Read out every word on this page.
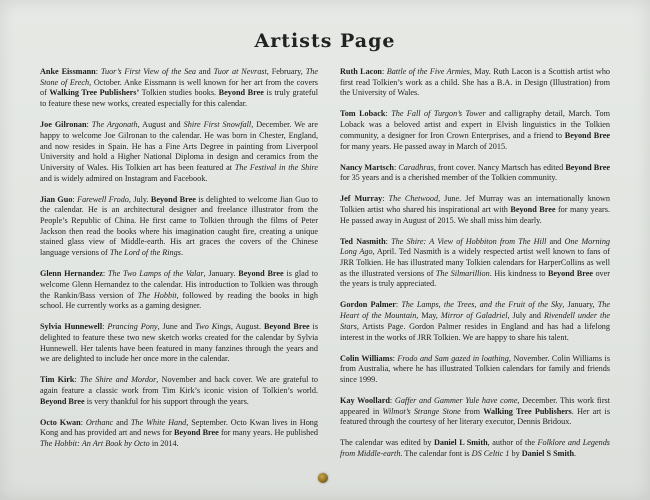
Artists Page

Anke Eissmann: Tuor’s First View of the Sea and Tuor at Nevrast, February, The Stone of Erech, October. Anke Eissmann is well known for her art from the covers of Walking Tree Publishers’ Tolkien studies books. Beyond Bree is truly grateful to feature these new works, created especially for this calendar.

Joe Gilronan: The Argonath, August and Shire First Snowfall, December. We are happy to welcome Joe Gilronan to the calendar. He was born in Chester, England, and now resides in Spain. He has a Fine Arts Degree in painting from Liverpool University and hold a Higher National Diploma in design and ceramics from the University of Wales. His Tolkien art has been featured at The Festival in the Shire and is widely admired on Instagram and Facebook.

Jian Guo: Farewell Frodo, July. Beyond Bree is delighted to welcome Jian Guo to the calendar. He is an architectural designer and freelance illustrator from the People’s Republic of China. He first came to Tolkien through the films of Peter Jackson then read the books where his imagination caught fire, creating a unique stained glass view of Middle-earth. His art graces the covers of the Chinese language versions of The Lord of the Rings.

Glenn Hernandez: The Two Lamps of the Valar, January. Beyond Bree is glad to welcome Glenn Hernandez to the calendar. His introduction to Tolkien was through the Rankin/Bass version of The Hobbit, followed by reading the books in high school. He currently works as a gaming designer.

Sylvia Hunnewell: Prancing Pony, June and Two Kings, August. Beyond Bree is delighted to feature these two new sketch works created for the calendar by Sylvia Hunnewell. Her talents have been featured in many fanzines through the years and we are delighted to include her once more in the calendar.

Tim Kirk: The Shire and Mordor, November and back cover. We are grateful to again feature a classic work from Tim Kirk’s iconic vision of Tolkien’s world. Beyond Bree is very thankful for his support through the years.

Octo Kwan: Orthanc and The White Hand, September. Octo Kwan lives in Hong Kong and has provided art and news for Beyond Bree for many years. He published The Hobbit: An Art Book by Octo in 2014.

Ruth Lacon: Battle of the Five Armies, May. Ruth Lacon is a Scottish artist who first read Tolkien’s work as a child. She has a B.A. in Design (Illustration) from the University of Wales.

Tom Loback: The Fall of Turgon’s Tower and calligraphy detail, March. Tom Loback was a beloved artist and expert in Elvish linguistics in the Tolkien community, a designer for Iron Crown Enterprises, and a friend to Beyond Bree for many years. He passed away in March of 2015.

Nancy Martsch: Caradhras, front cover. Nancy Martsch has edited Beyond Bree for 35 years and is a cherished member of the Tolkien community.

Jef Murray: The Chetwood, June. Jef Murray was an internationally known Tolkien artist who shared his inspirational art with Beyond Bree for many years. He passed away in August of 2015. We shall miss him dearly.

Ted Nasmith: The Shire: A View of Hobbiton from The Hill and One Morning Long Ago, April. Ted Nasmith is a widely respected artist well known to fans of JRR Tolkien. He has illustrated many Tolkien calendars for HarperCollins as well as the illustrated versions of The Silmarillion. His kindness to Beyond Bree over the years is truly appreciated.

Gordon Palmer: The Lamps, the Trees, and the Fruit of the Sky, January, The Heart of the Mountain, May, Mirror of Galadriel, July and Rivendell under the Stars, Artists Page. Gordon Palmer resides in England and has had a lifelong interest in the works of JRR Tolkien. We are happy to share his talent.

Colin Williams: Frodo and Sam gazed in loathing, November. Colin Williams is from Australia, where he has illustrated Tolkien calendars for family and friends since 1999.

Kay Woollard: Gaffer and Gammer Yule have come, December. This work first appeared in Wilmot’s Strange Stone from Walking Tree Publishers. Her art is featured through the courtesy of her literary executor, Dennis Bridoux.

The calendar was edited by Daniel L Smith, author of the Folklore and Legends from Middle-earth. The calendar font is DS Celtic 1 by Daniel S Smith.
